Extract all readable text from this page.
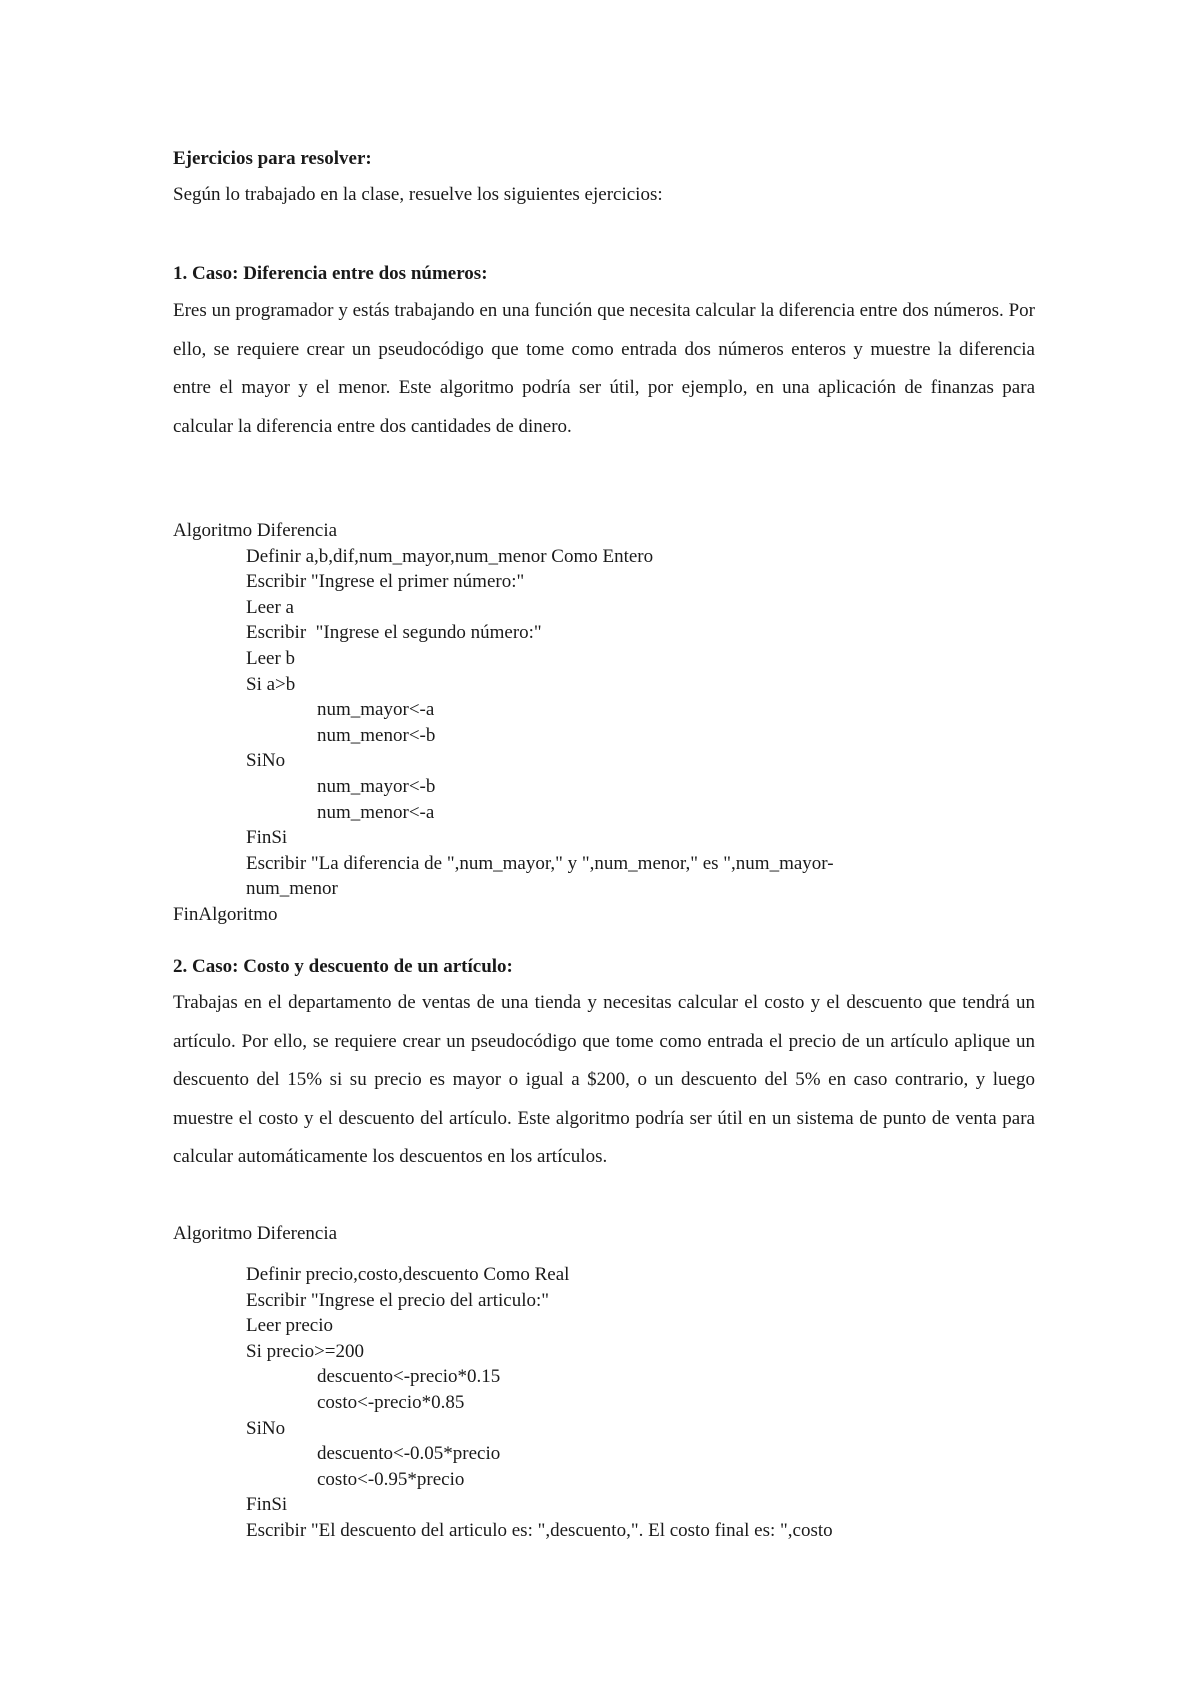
Ejercicios para resolver:

Según lo trabajado en la clase, resuelve los siguientes ejercicios:

1. Caso: Diferencia entre dos números:

Eres un programador y estás trabajando en una función que necesita calcular la diferencia entre dos números. Por ello, se requiere crear un pseudocódigo que tome como entrada dos números enteros y muestre la diferencia entre el mayor y el menor. Este algoritmo podría ser útil, por ejemplo, en una aplicación de finanzas para calcular la diferencia entre dos cantidades de dinero.

Algoritmo Diferencia
Definir a,b,dif,num_mayor,num_menor Como Entero
Escribir "Ingrese el primer número:"
Leer a
Escribir  "Ingrese el segundo número:"
Leer b
Si a>b
num_mayor<-a
num_menor<-b
SiNo
num_mayor<-b
num_menor<-a
FinSi
Escribir "La diferencia de ",num_mayor," y ",num_menor," es ",num_mayor-
num_menor
FinAlgoritmo

2. Caso: Costo y descuento de un artículo:

Trabajas en el departamento de ventas de una tienda y necesitas calcular el costo y el descuento que tendrá un artículo. Por ello, se requiere crear un pseudocódigo que tome como entrada el precio de un artículo aplique un descuento del 15% si su precio es mayor o igual a $200, o un descuento del 5% en caso contrario, y luego muestre el costo y el descuento del artículo. Este algoritmo podría ser útil en un sistema de punto de venta para calcular automáticamente los descuentos en los artículos.

Algoritmo Diferencia

Definir precio,costo,descuento Como Real
Escribir "Ingrese el precio del articulo:"
Leer precio
Si precio>=200
descuento<-precio*0.15
costo<-precio*0.85
SiNo
descuento<-0.05*precio
costo<-0.95*precio
FinSi
Escribir "El descuento del articulo es: ",descuento,". El costo final es: ",costo
